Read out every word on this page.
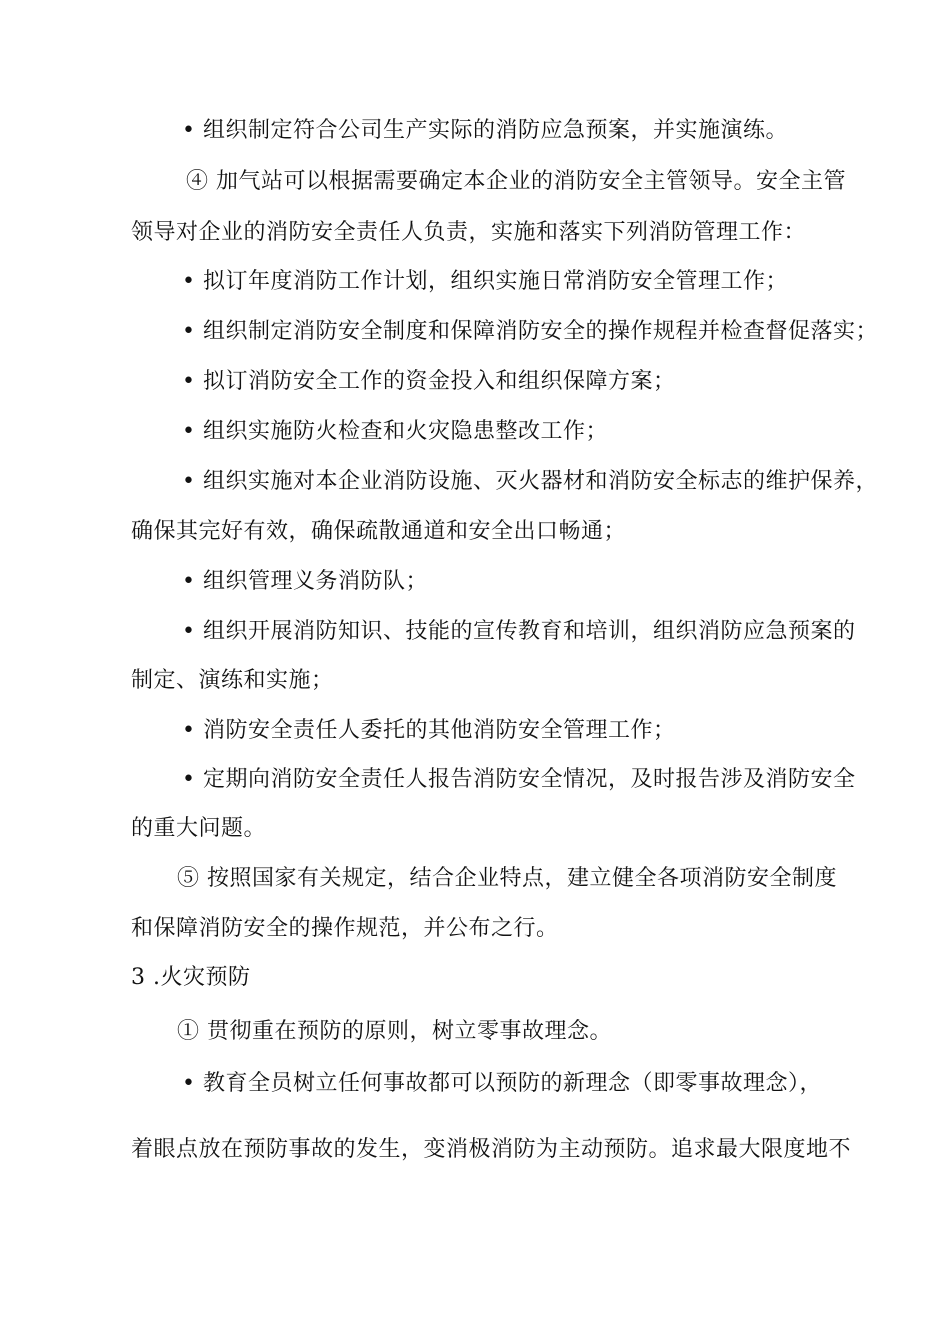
• 组织制定符合公司生产实际的消防应急预案，并实施演练。
④ 加气站可以根据需要确定本企业的消防安全主管领导。安全主管
领导对企业的消防安全责任人负责，实施和落实下列消防管理工作：
• 拟订年度消防工作计划，组织实施日常消防安全管理工作；
• 组织制定消防安全制度和保障消防安全的操作规程并检查督促落实；
• 拟订消防安全工作的资金投入和组织保障方案；
• 组织实施防火检查和火灾隐患整改工作；
• 组织实施对本企业消防设施、灭火器材和消防安全标志的维护保养，
确保其完好有效，确保疏散通道和安全出口畅通；
• 组织管理义务消防队；
• 组织开展消防知识、技能的宣传教育和培训，组织消防应急预案的
制定、演练和实施；
• 消防安全责任人委托的其他消防安全管理工作；
• 定期向消防安全责任人报告消防安全情况，及时报告涉及消防安全
的重大问题。
⑤ 按照国家有关规定，结合企业特点，建立健全各项消防安全制度
和保障消防安全的操作规范，并公布之行。
3 .火灾预防
① 贯彻重在预防的原则，树立零事故理念。
• 教育全员树立任何事故都可以预防的新理念（即零事故理念），
着眼点放在预防事故的发生，变消极消防为主动预防。追求最大限度地不
